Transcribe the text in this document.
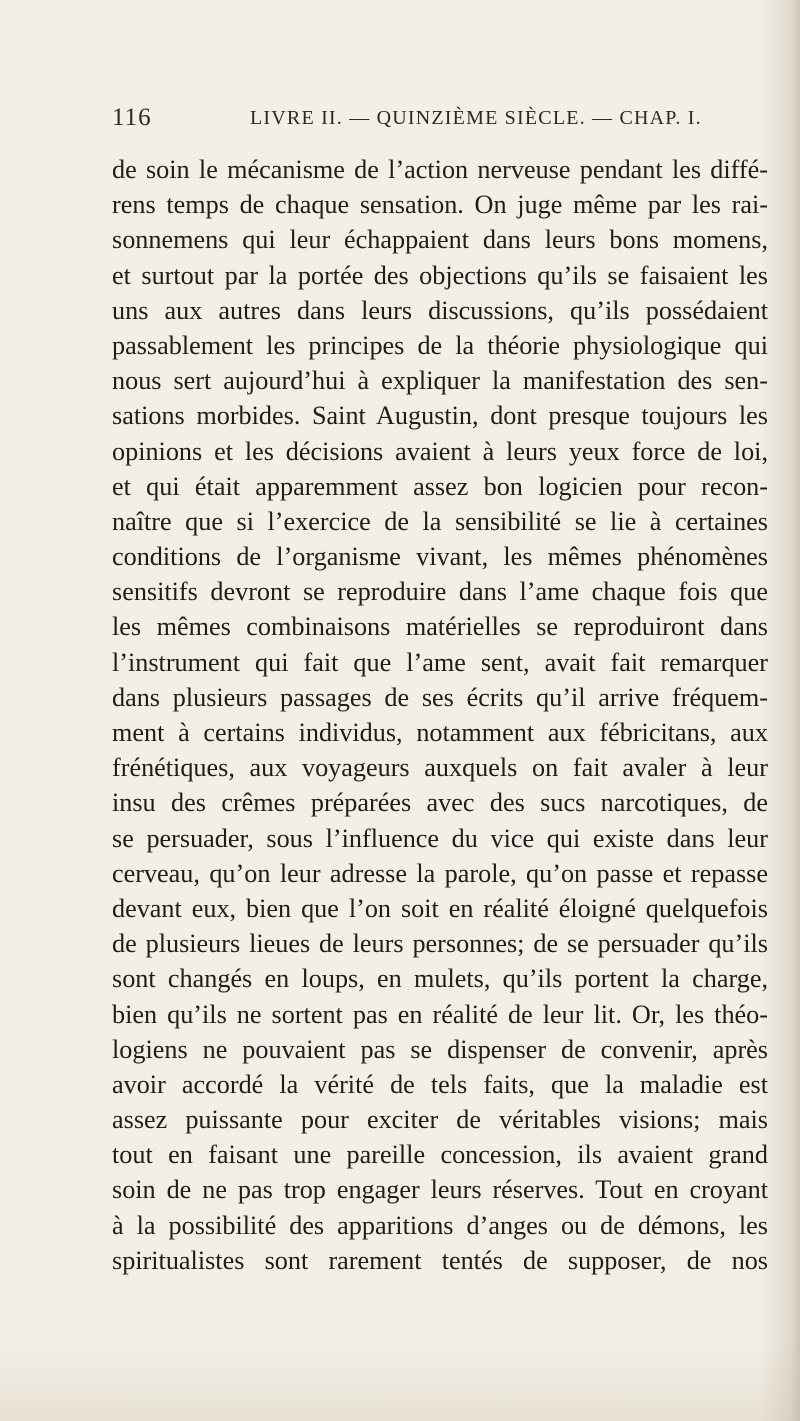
116	LIVRE II. — QUINZIÈME SIÈCLE. — CHAP. I.
de soin le mécanisme de l’action nerveuse pendant les diffé-
rens temps de chaque sensation. On juge même par les rai-
sonnemens qui leur échappaient dans leurs bons momens,
et surtout par la portée des objections qu’ils se faisaient les
uns aux autres dans leurs discussions, qu’ils possédaient
passablement les principes de la théorie physiologique qui
nous sert aujourd’hui à expliquer la manifestation des sen-
sations morbides. Saint Augustin, dont presque toujours les
opinions et les décisions avaient à leurs yeux force de loi,
et qui était apparemment assez bon logicien pour recon-
naître que si l’exercice de la sensibilité se lie à certaines
conditions de l’organisme vivant, les mêmes phénomènes
sensitifs devront se reproduire dans l’ame chaque fois que
les mêmes combinaisons matérielles se reproduiront dans
l’instrument qui fait que l’ame sent, avait fait remarquer
dans plusieurs passages de ses écrits qu’il arrive fréquem-
ment à certains individus, notamment aux fébricitans, aux
frénétiques, aux voyageurs auxquels on fait avaler à leur
insu des crêmes préparées avec des sucs narcotiques, de
se persuader, sous l’influence du vice qui existe dans leur
cerveau, qu’on leur adresse la parole, qu’on passe et repasse
devant eux, bien que l’on soit en réalité éloigné quelquefois
de plusieurs lieues de leurs personnes; de se persuader qu’ils
sont changés en loups, en mulets, qu’ils portent la charge,
bien qu’ils ne sortent pas en réalité de leur lit. Or, les théo-
logiens ne pouvaient pas se dispenser de convenir, après
avoir accordé la vérité de tels faits, que la maladie est
assez puissante pour exciter de véritables visions; mais
tout en faisant une pareille concession, ils avaient grand
soin de ne pas trop engager leurs réserves. Tout en croyant
à la possibilité des apparitions d’anges ou de démons, les
spiritualistes sont rarement tentés de supposer, de nos
